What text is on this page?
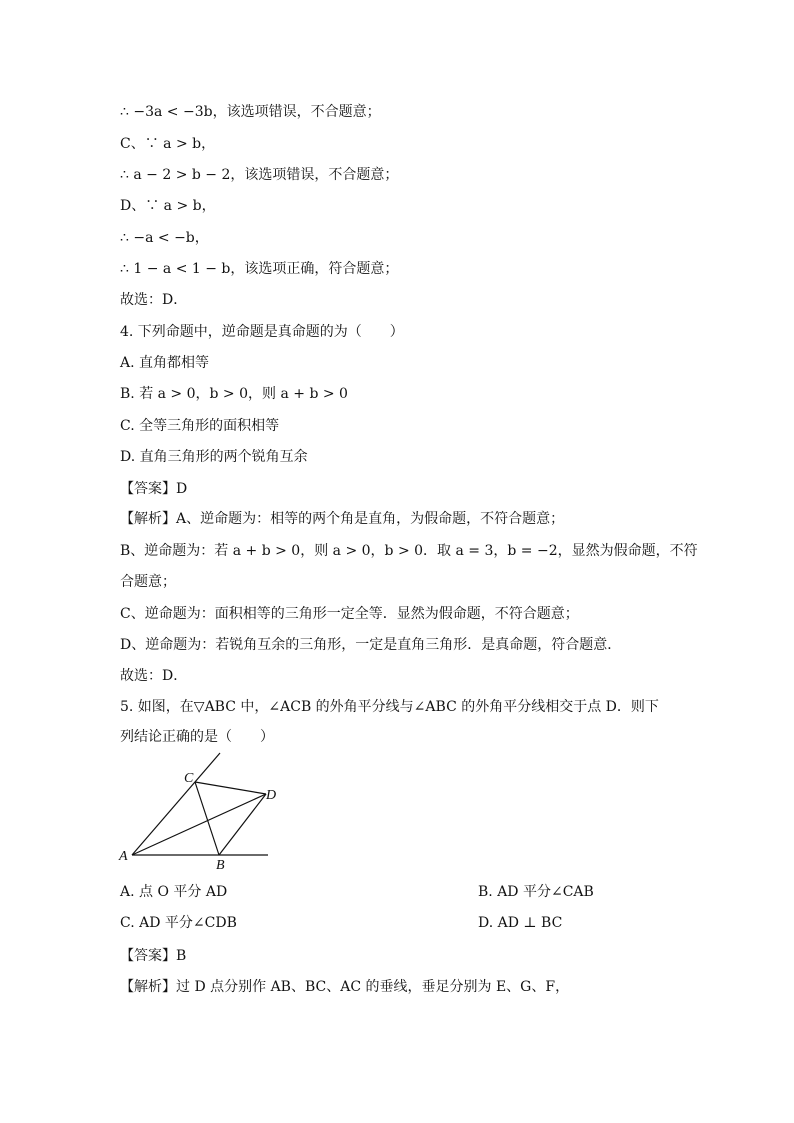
∴ −3a < −3b，该选项错误，不合题意；
C、∵ a > b，
∴ a − 2 > b − 2，该选项错误，不合题意；
D、∵ a > b，
∴ −a < −b，
∴ 1 − a < 1 − b，该选项正确，符合题意；
故选：D．
4. 下列命题中，逆命题是真命题的为（　　）
A. 直角都相等
B. 若 a > 0，b > 0，则 a + b > 0
C. 全等三角形的面积相等
D. 直角三角形的两个锐角互余
【答案】D
【解析】A、逆命题为：相等的两个角是直角，为假命题，不符合题意；
B、逆命题为：若 a + b > 0，则 a > 0，b > 0．取 a = 3，b = −2，显然为假命题，不符
合题意；
C、逆命题为：面积相等的三角形一定全等．显然为假命题，不符合题意；
D、逆命题为：若锐角互余的三角形，一定是直角三角形．是真命题，符合题意．
故选：D．
5. 如图，在▽ABC 中，∠ACB 的外角平分线与∠ABC 的外角平分线相交于点 D．则下
列结论正确的是（　　）
A
B
C
D
A. 点 O 平分 AD	B. AD 平分∠CAB
C. AD 平分∠CDB	D. AD ⊥ BC
【答案】B
【解析】过 D 点分别作 AB、BC、AC 的垂线，垂足分别为 E、G、F，
